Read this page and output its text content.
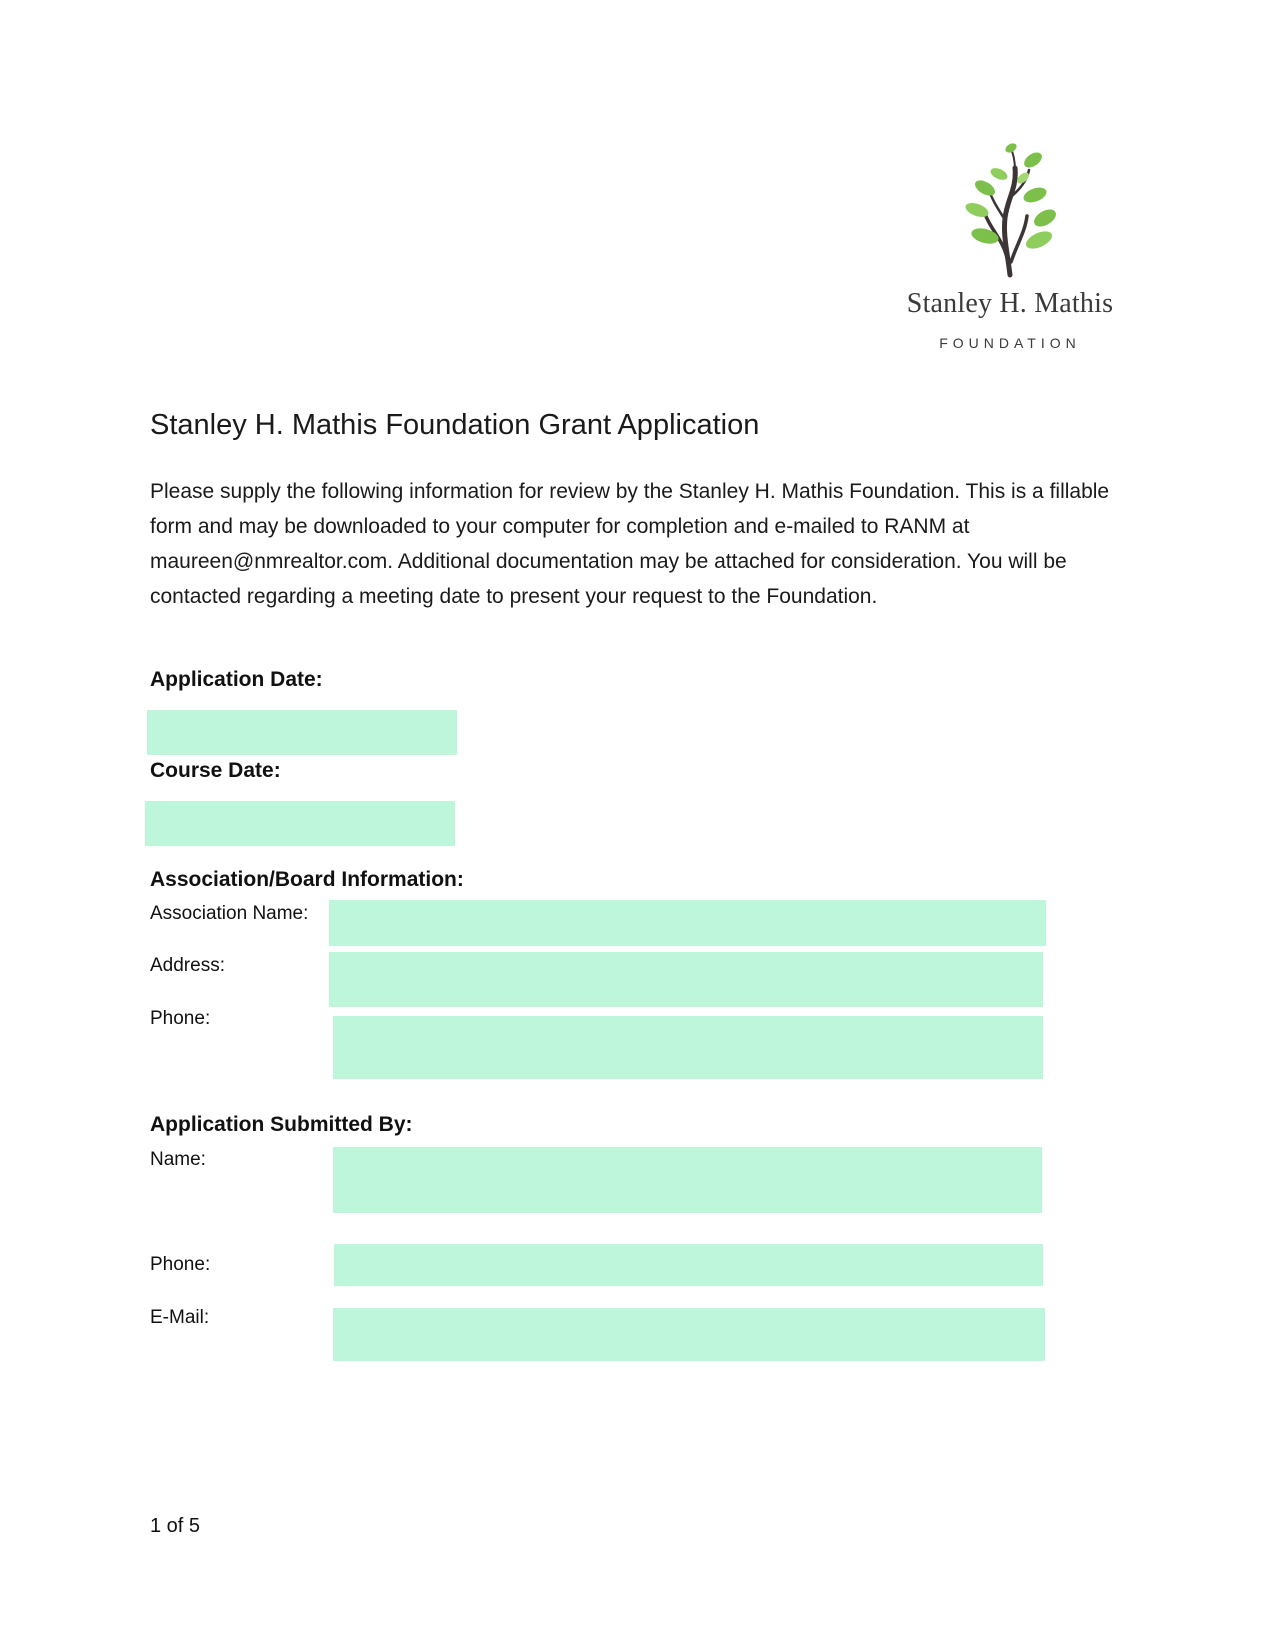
Stanley H. Mathis
FOUNDATION
Stanley H. Mathis Foundation Grant Application
Please supply the following information for review by the Stanley H. Mathis Foundation. This is a fillable form and may be downloaded to your computer for completion and e-mailed to RANM at maureen@nmrealtor.com. Additional documentation may be attached for consideration. You will be contacted regarding a meeting date to present your request to the Foundation.
Application Date:
Course Date:
Association/Board Information:
Association Name:
Address:
Phone:
Application Submitted By:
Name:
Phone:
E-Mail:
1 of 5
